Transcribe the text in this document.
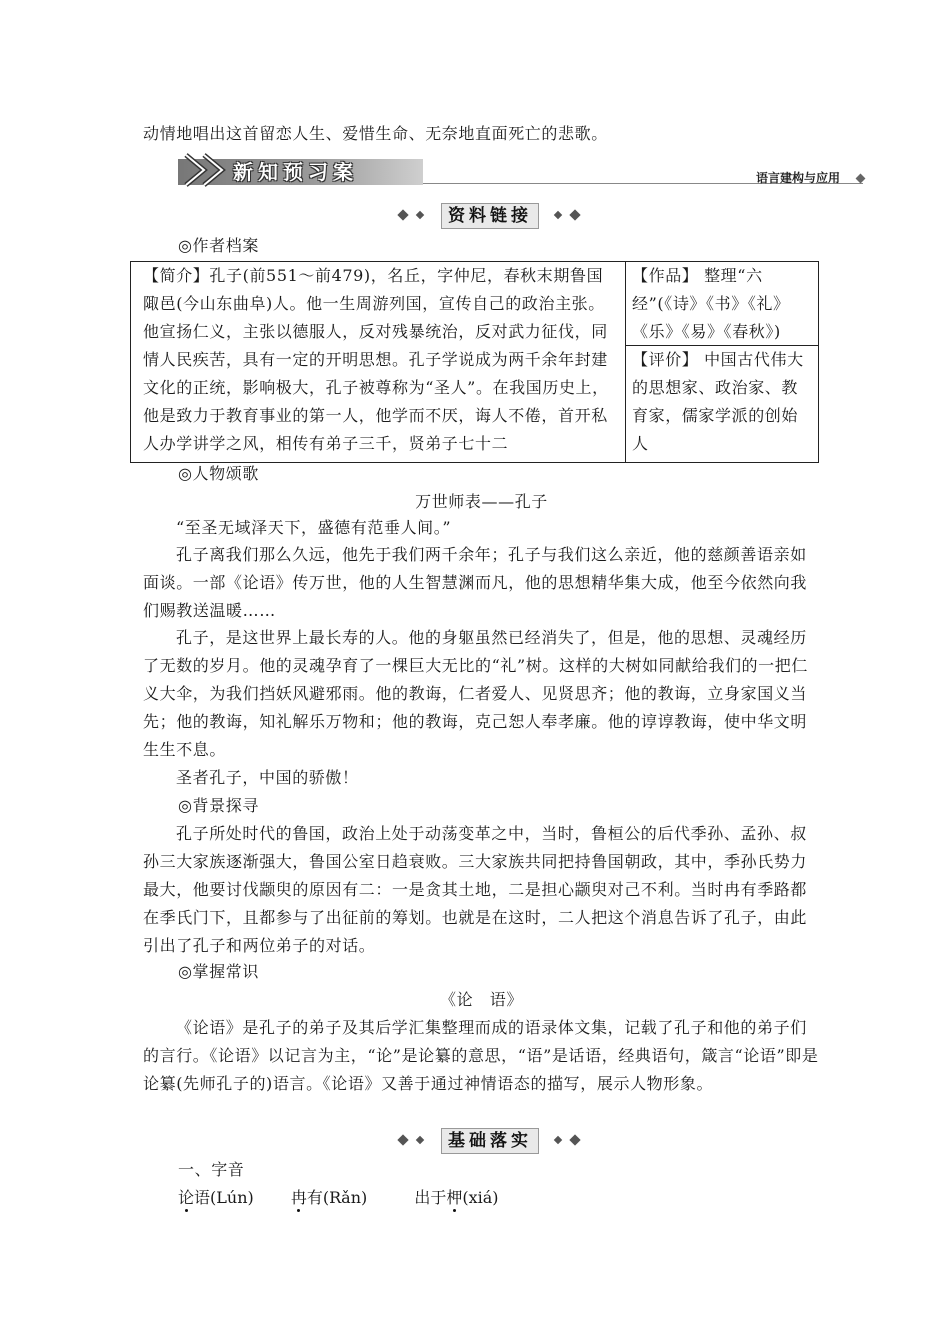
动情地唱出这首留恋人生、爱惜生命、无奈地直面死亡的悲歌。
新知预习案	语言建构与应用
资料链接
◎作者档案
【简介】孔子(前551～前479)，名丘，字仲尼，春秋末期鲁国陬邑(今山东曲阜)人。他一生周游列国，宣传自己的政治主张。他宣扬仁义，主张以德服人，反对残暴统治，反对武力征伐，同情人民疾苦，具有一定的开明思想。孔子学说成为两千余年封建文化的正统，影响极大，孔子被尊称为“圣人”。在我国历史上，他是致力于教育事业的第一人，他学而不厌，诲人不倦，首开私人办学讲学之风，相传有弟子三千，贤弟子七十二
【作品】 整理“六经”(《诗》《书》《礼》《乐》《易》《春秋》)
【评价】 中国古代伟大的思想家、政治家、教育家，儒家学派的创始人
◎人物颂歌
万世师表——孔子
“至圣无域泽天下，盛德有范垂人间。”
孔子离我们那么久远，他先于我们两千余年；孔子与我们这么亲近，他的慈颜善语亲如面谈。一部《论语》传万世，他的人生智慧渊而凡，他的思想精华集大成，他至今依然向我们赐教送温暖……
孔子，是这世界上最长寿的人。他的身躯虽然已经消失了，但是，他的思想、灵魂经历了无数的岁月。他的灵魂孕育了一棵巨大无比的“礼”树。这样的大树如同献给我们的一把仁义大伞，为我们挡妖风避邪雨。他的教诲，仁者爱人、见贤思齐；他的教诲，立身家国义当先；他的教诲，知礼解乐万物和；他的教诲，克己恕人奉孝廉。他的谆谆教诲，使中华文明生生不息。
圣者孔子，中国的骄傲！
◎背景探寻
孔子所处时代的鲁国，政治上处于动荡变革之中，当时，鲁桓公的后代季孙、孟孙、叔孙三大家族逐渐强大，鲁国公室日趋衰败。三大家族共同把持鲁国朝政，其中，季孙氏势力最大，他要讨伐颛臾的原因有二：一是贪其土地，二是担心颛臾对己不利。当时冉有季路都在季氏门下，且都参与了出征前的筹划。也就是在这时，二人把这个消息告诉了孔子，由此引出了孔子和两位弟子的对话。
◎掌握常识
《论　语》
《论语》是孔子的弟子及其后学汇集整理而成的语录体文集，记载了孔子和他的弟子们的言行。《论语》以记言为主，“论”是论纂的意思，“语”是话语，经典语句，箴言“论语”即是论纂(先师孔子的)语言。《论语》又善于通过神情语态的描写，展示人物形象。
基础落实
一、字音
论语(Lún) 冉有(Rǎn)	出于柙(xiá)
